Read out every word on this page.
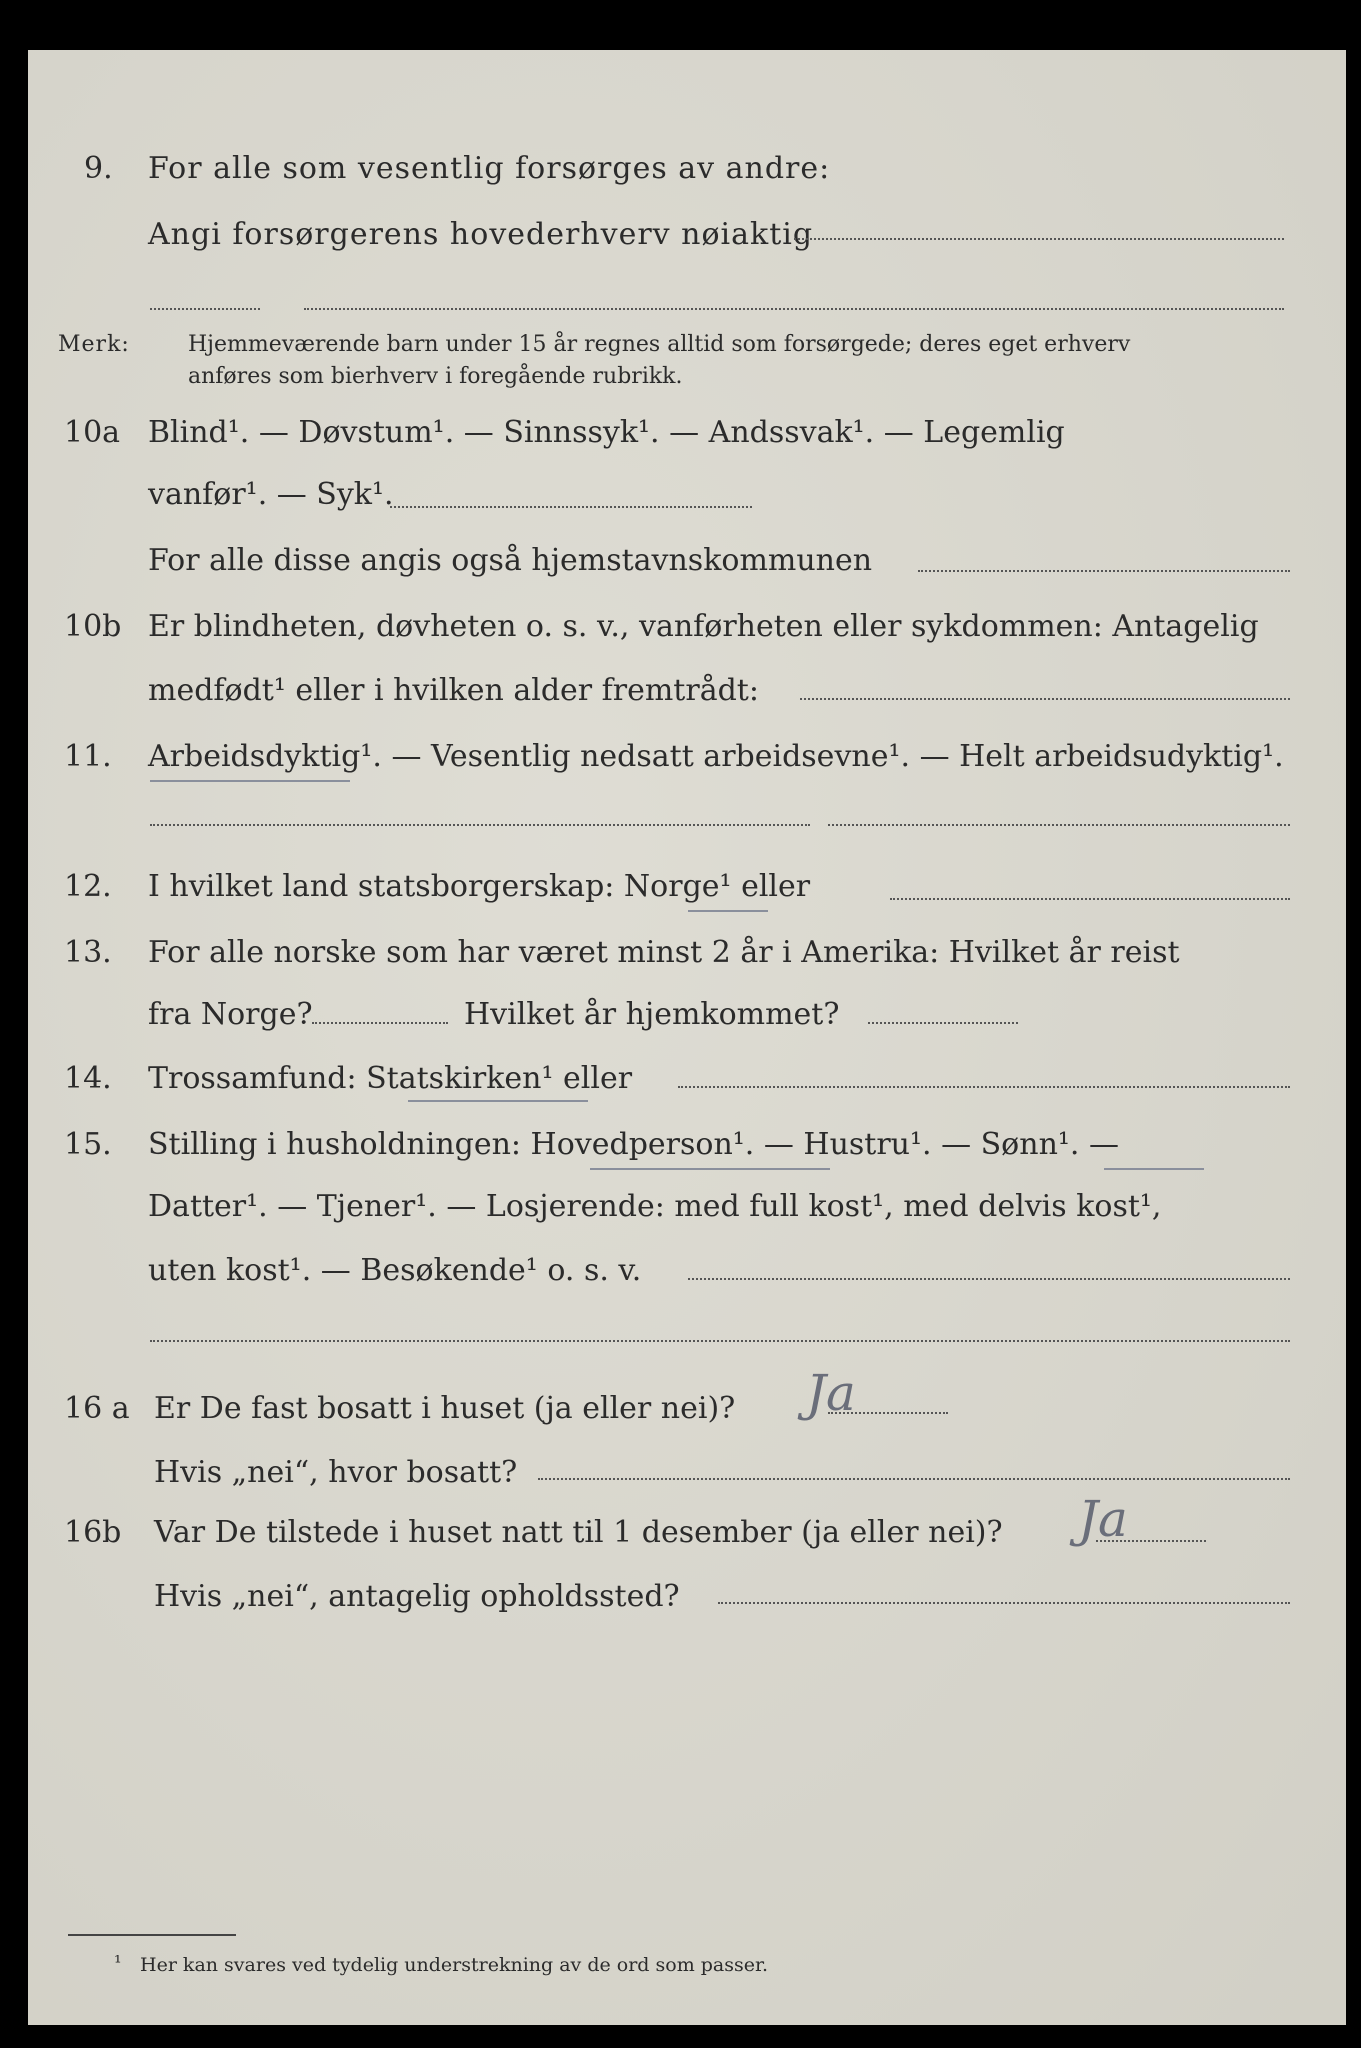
9. For alle som vesentlig forsørges av andre:
Angi forsørgerens hovederhverv nøiaktig
Merk:	Hjemmeværende barn under 15 år regnes alltid som forsørgede; deres eget erhverv
anføres som bierhverv i foregående rubrikk.
10a Blind¹. — Døvstum¹. — Sinnssyk¹. — Andssvak¹. — Legemlig
vanfør¹. — Syk¹.
For alle disse angis også hjemstavnskommunen
10b Er blindheten, døvheten o. s. v., vanførheten eller sykdommen: Antagelig
medfødt¹ eller i hvilken alder fremtrådt:
11. Arbeidsdyktig¹. — Vesentlig nedsatt arbeidsevne¹. — Helt arbeidsudyktig¹.
12. I hvilket land statsborgerskap: Norge¹ eller
13. For alle norske som har været minst 2 år i Amerika: Hvilket år reist
fra Norge?	Hvilket år hjemkommet?
14. Trossamfund: Statskirken¹ eller
15. Stilling i husholdningen: Hovedperson¹. — Hustru¹. — Sønn¹. —
Datter¹. — Tjener¹. — Losjerende: med full kost¹, med delvis kost¹,
uten kost¹. — Besøkende¹ o. s. v.
16 a Er De fast bosatt i huset (ja eller nei)? Ja
Hvis „nei“, hvor bosatt?
16b Var De tilstede i huset natt til 1 desember (ja eller nei)? Ja
Hvis „nei“, antagelig opholdssted?
¹ Her kan svares ved tydelig understrekning av de ord som passer.
